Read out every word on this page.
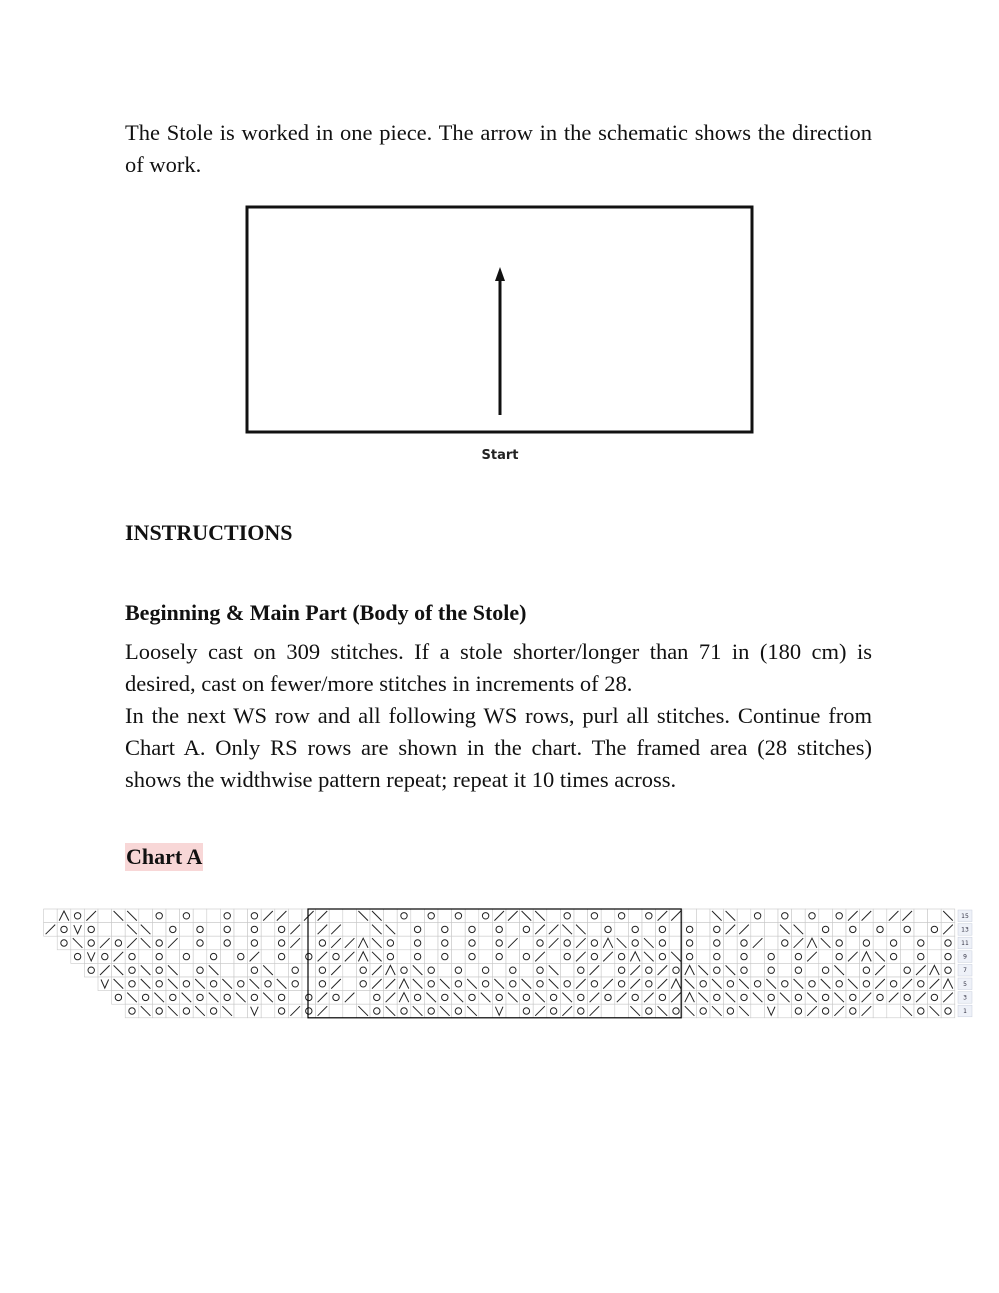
The Stole is worked in one piece. The arrow in the schematic shows the direction of work.

Start
INSTRUCTIONS
Beginning & Main Part (Body of the Stole)

Loosely cast on 309 stitches. If a stole shorter/longer than 71 in (180 cm) is desired, cast on fewer/more stitches in increments of 28.

In the next WS row and all following WS rows, purl all stitches. Continue from Chart A. Only RS rows are shown in the chart. The framed area (28 stitches) shows the widthwise pattern repeat; repeat it 10 times across.

Chart A
15
13
11
9
7
5
3
1
